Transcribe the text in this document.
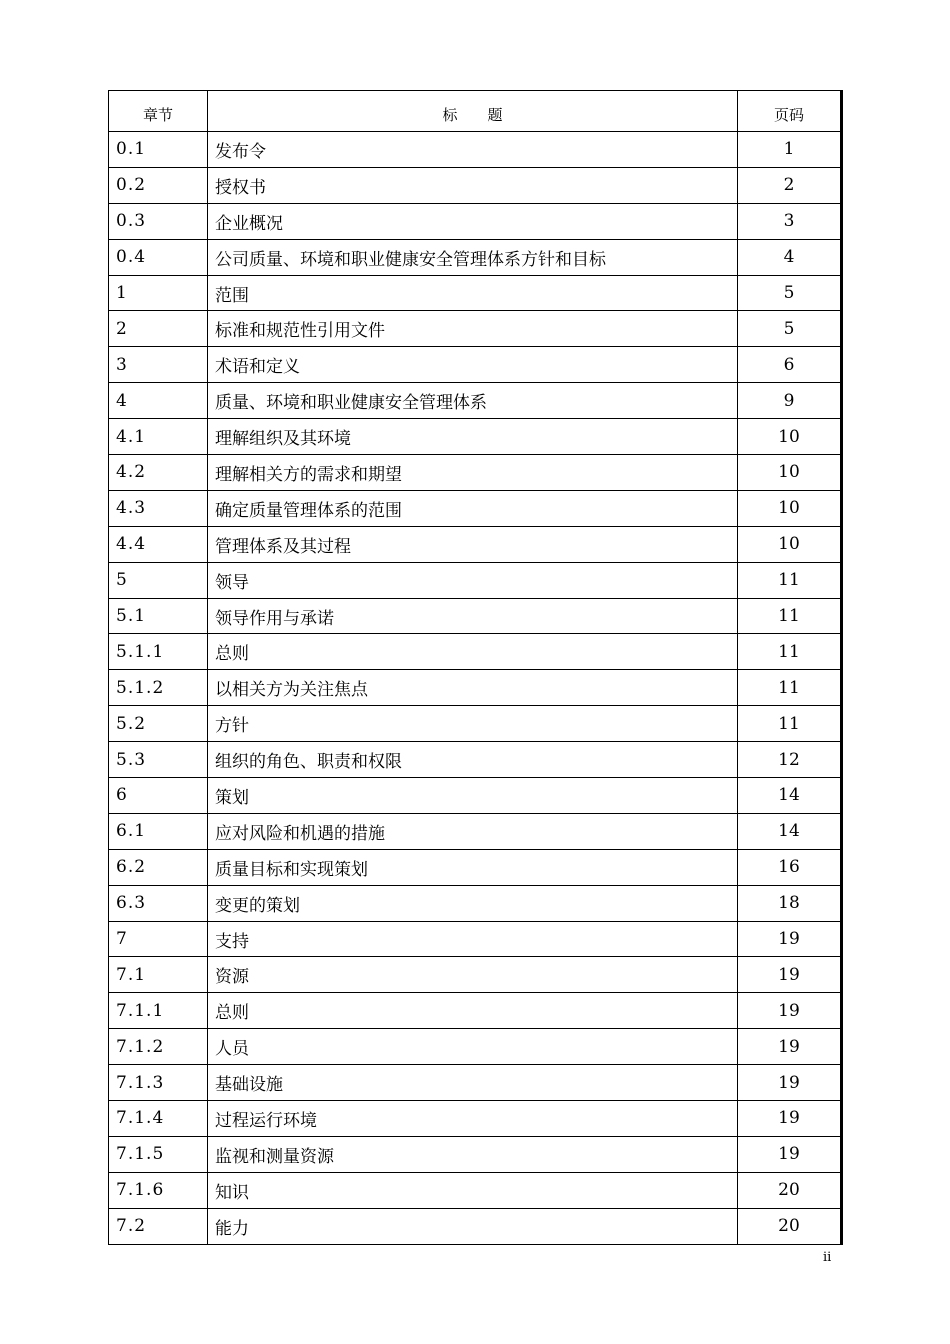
章节	标　　题	页码
0.1	发布令	1
0.2	授权书	2
0.3	企业概况	3
0.4	公司质量、环境和职业健康安全管理体系方针和目标	4
1	范围	5
2	标准和规范性引用文件	5
3	术语和定义	6
4	质量、环境和职业健康安全管理体系	9
4.1	理解组织及其环境	10
4.2	理解相关方的需求和期望	10
4.3	确定质量管理体系的范围	10
4.4	管理体系及其过程	10
5	领导	11
5.1	领导作用与承诺	11
5.1.1	总则	11
5.1.2	以相关方为关注焦点	11
5.2	方针	11
5.3	组织的角色、职责和权限	12
6	策划	14
6.1	应对风险和机遇的措施	14
6.2	质量目标和实现策划	16
6.3	变更的策划	18
7	支持	19
7.1	资源	19
7.1.1	总则	19
7.1.2	人员	19
7.1.3	基础设施	19
7.1.4	过程运行环境	19
7.1.5	监视和测量资源	19
7.1.6	知识	20
7.2	能力	20
ii
